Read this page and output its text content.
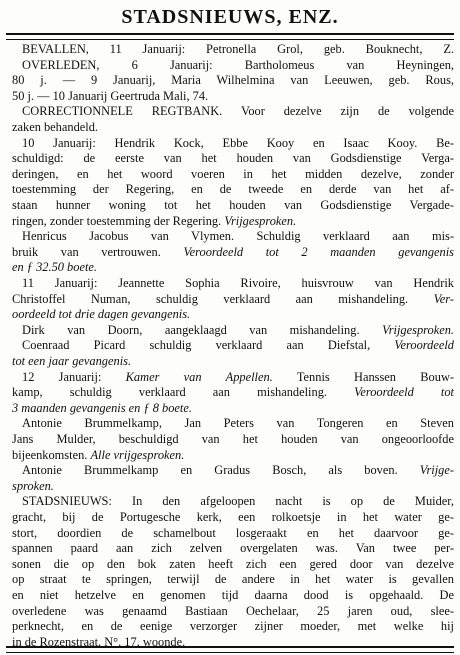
STADSNIEUWS, ENZ.
BEVALLEN, 11 Januarij: Petronella Grol, geb. Bouknecht, Z.
OVERLEDEN, 6 Januarij: Bartholomeus van Heyningen,
80 j. — 9 Januarij, Maria Wilhelmina van Leeuwen, geb. Rous,
50 j. — 10 Januarij Geertruda Mali, 74.
CORRECTIONNELE REGTBANK. Voor dezelve zijn de volgende
zaken behandeld.
10 Januarij: Hendrik Kock, Ebbe Kooy en Isaac Kooy. Be-
schuldigd: de eerste van het houden van Godsdienstige Verga-
deringen, en het woord voeren in het midden dezelve, zonder
toestemming der Regering, en de tweede en derde van het af-
staan hunner woning tot het houden van Godsdienstige Vergade-
ringen, zonder toestemming der Regering. Vrijgesproken.
Henricus Jacobus van Vlymen. Schuldig verklaard aan mis-
bruik van vertrouwen. Veroordeeld tot 2 maanden gevangenis
en ƒ 32.50 boete.
11 Januarij: Jeannette Sophia Rivoire, huisvrouw van Hendrik
Christoffel Numan, schuldig verklaard aan mishandeling. Ver-
oordeeld tot drie dagen gevangenis.
Dirk van Doorn, aangeklaagd van mishandeling. Vrijgesproken.
Coenraad Picard schuldig verklaard aan Diefstal, Veroordeeld
tot een jaar gevangenis.
12 Januarij: Kamer van Appellen. Tennis Hanssen Bouw-
kamp, schuldig verklaard aan mishandeling. Veroordeeld tot
3 maanden gevangenis en ƒ 8 boete.
Antonie Brummelkamp, Jan Peters van Tongeren en Steven
Jans Mulder, beschuldigd van het houden van ongeoorloofde
bijeenkomsten. Alle vrijgesproken.
Antonie Brummelkamp en Gradus Bosch, als boven. Vrijge-
sproken.
STADSNIEUWS: In den afgeloopen nacht is op de Muider,
gracht, bij de Portugesche kerk, een rolkoetsje in het water ge-
stort, doordien de schamelbout losgeraakt en het daarvoor ge-
spannen paard aan zich zelven overgelaten was. Van twee per-
sonen die op den bok zaten heeft zich een gered door van dezelve
op straat te springen, terwijl de andere in het water is gevallen
en niet hetzelve en genomen tijd daarna dood is opgehaald. De
overledene was genaamd Bastiaan Oechelaar, 25 jaren oud, slee-
perknecht, en de eenige verzorger zijner moeder, met welke hij
in de Rozenstraat, N°. 17, woonde.
